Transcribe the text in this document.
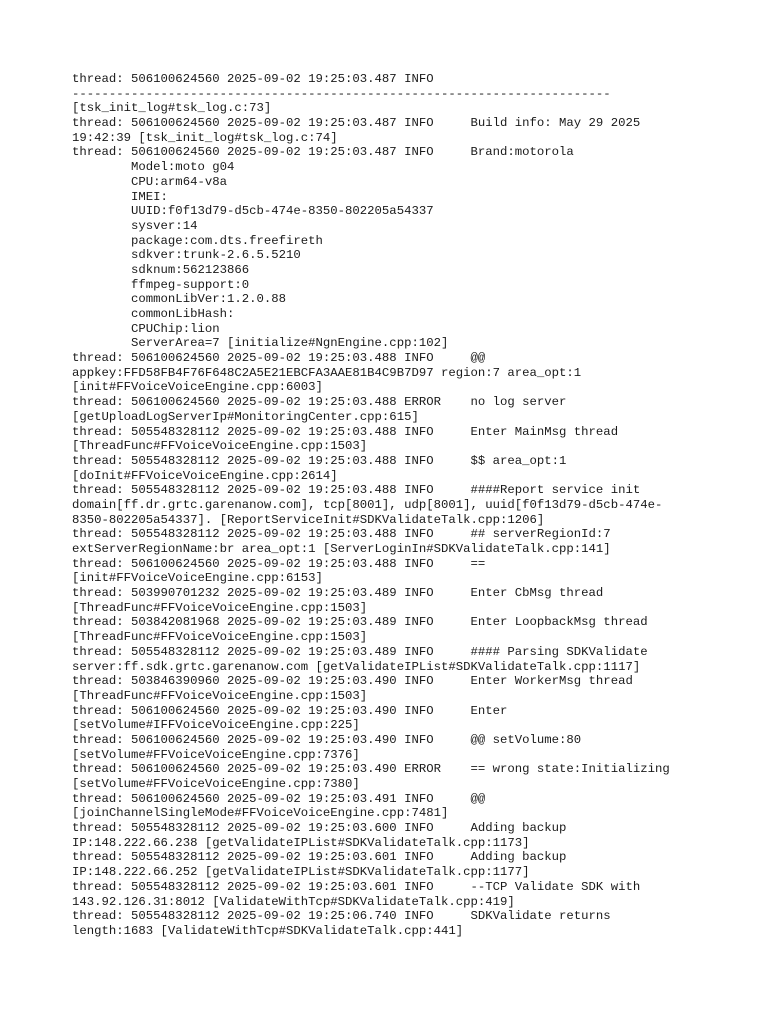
thread: 506100624560 2025-09-02 19:25:03.487 INFO
-------------------------------------------------------------------------
[tsk_init_log#tsk_log.c:73]
thread: 506100624560 2025-09-02 19:25:03.487 INFO     Build info: May 29 2025
19:42:39 [tsk_init_log#tsk_log.c:74]
thread: 506100624560 2025-09-02 19:25:03.487 INFO     Brand:motorola
Model:moto g04
CPU:arm64-v8a
IMEI:
UUID:f0f13d79-d5cb-474e-8350-802205a54337
sysver:14
package:com.dts.freefireth
sdkver:trunk-2.6.5.5210
sdknum:562123866
ffmpeg-support:0
commonLibVer:1.2.0.88
commonLibHash:
CPUChip:lion
ServerArea=7 [initialize#NgnEngine.cpp:102]
thread: 506100624560 2025-09-02 19:25:03.488 INFO     @@
appkey:FFD58FB4F76F648C2A5E21EBCFA3AAE81B4C9B7D97 region:7 area_opt:1
[init#FFVoiceVoiceEngine.cpp:6003]
thread: 506100624560 2025-09-02 19:25:03.488 ERROR    no log server
[getUploadLogServerIp#MonitoringCenter.cpp:615]
thread: 505548328112 2025-09-02 19:25:03.488 INFO     Enter MainMsg thread
[ThreadFunc#FFVoiceVoiceEngine.cpp:1503]
thread: 505548328112 2025-09-02 19:25:03.488 INFO     $$ area_opt:1
[doInit#FFVoiceVoiceEngine.cpp:2614]
thread: 505548328112 2025-09-02 19:25:03.488 INFO     ####Report service init
domain[ff.dr.grtc.garenanow.com], tcp[8001], udp[8001], uuid[f0f13d79-d5cb-474e-
8350-802205a54337]. [ReportServiceInit#SDKValidateTalk.cpp:1206]
thread: 505548328112 2025-09-02 19:25:03.488 INFO     ## serverRegionId:7
extServerRegionName:br area_opt:1 [ServerLoginIn#SDKValidateTalk.cpp:141]
thread: 506100624560 2025-09-02 19:25:03.488 INFO     ==
[init#FFVoiceVoiceEngine.cpp:6153]
thread: 503990701232 2025-09-02 19:25:03.489 INFO     Enter CbMsg thread
[ThreadFunc#FFVoiceVoiceEngine.cpp:1503]
thread: 503842081968 2025-09-02 19:25:03.489 INFO     Enter LoopbackMsg thread
[ThreadFunc#FFVoiceVoiceEngine.cpp:1503]
thread: 505548328112 2025-09-02 19:25:03.489 INFO     #### Parsing SDKValidate
server:ff.sdk.grtc.garenanow.com [getValidateIPList#SDKValidateTalk.cpp:1117]
thread: 503846390960 2025-09-02 19:25:03.490 INFO     Enter WorkerMsg thread
[ThreadFunc#FFVoiceVoiceEngine.cpp:1503]
thread: 506100624560 2025-09-02 19:25:03.490 INFO     Enter
[setVolume#IFFVoiceVoiceEngine.cpp:225]
thread: 506100624560 2025-09-02 19:25:03.490 INFO     @@ setVolume:80
[setVolume#FFVoiceVoiceEngine.cpp:7376]
thread: 506100624560 2025-09-02 19:25:03.490 ERROR    == wrong state:Initializing
[setVolume#FFVoiceVoiceEngine.cpp:7380]
thread: 506100624560 2025-09-02 19:25:03.491 INFO     @@
[joinChannelSingleMode#FFVoiceVoiceEngine.cpp:7481]
thread: 505548328112 2025-09-02 19:25:03.600 INFO     Adding backup
IP:148.222.66.238 [getValidateIPList#SDKValidateTalk.cpp:1173]
thread: 505548328112 2025-09-02 19:25:03.601 INFO     Adding backup
IP:148.222.66.252 [getValidateIPList#SDKValidateTalk.cpp:1177]
thread: 505548328112 2025-09-02 19:25:03.601 INFO     --TCP Validate SDK with
143.92.126.31:8012 [ValidateWithTcp#SDKValidateTalk.cpp:419]
thread: 505548328112 2025-09-02 19:25:06.740 INFO     SDKValidate returns
length:1683 [ValidateWithTcp#SDKValidateTalk.cpp:441]
